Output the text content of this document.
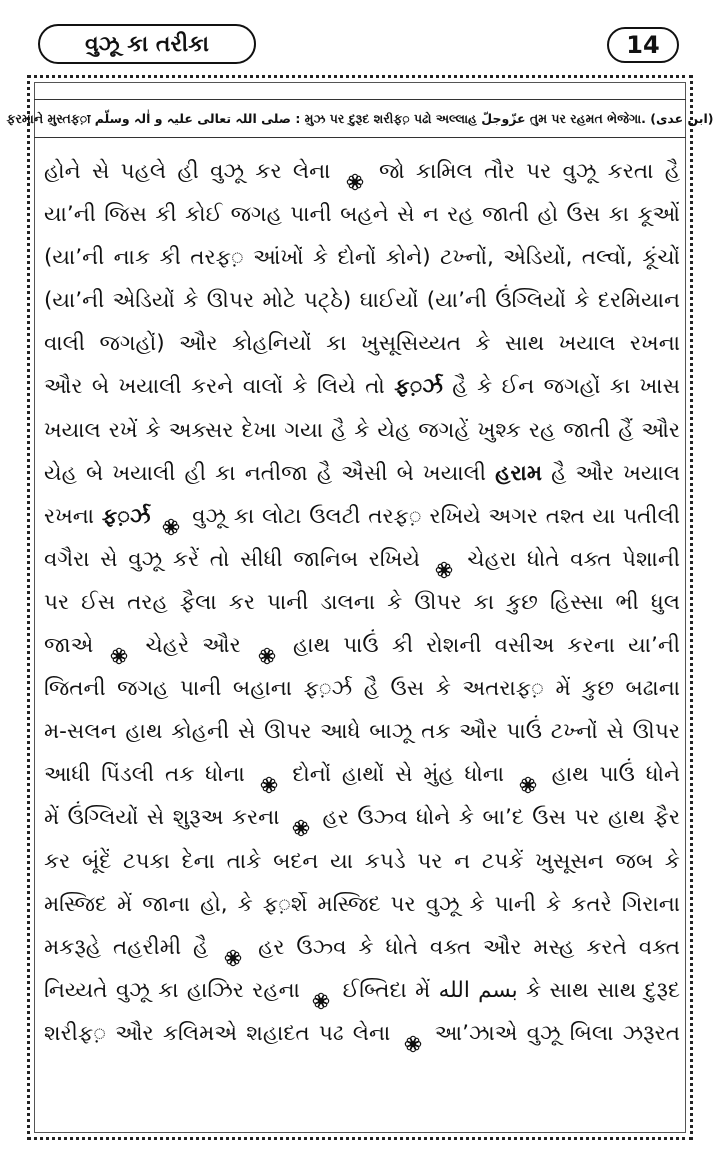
વુઝૂ કા તરીકા	14
ફરમાને મુસ્તફ़ा صلی اللہ تعالی علیہ و اٰلہ وسلّم : મુઝ પર દુરૂદ શરીફ़ પઢો અલ્લાહ عزّوجلّ તુમ પર રહમત ભેજેગા. (ابن عدی)
હોને સે પહલે હી વુઝૂ કર લેના જો કામિલ તૌર પર વુઝૂ કરતા હૈ
યા’ની જિસ કી કોઈ જગહ પાની બહને સે ન રહ જાતી હો ઉસ કા કૂઓં
(યા’ની નાક કી તરફ़ આંખોં કે દોનોં કોને) ટખ્નોં, એડિયોં, તલ્વોં, કૂંચોં
(યા’ની એડિયોં કે ઊપર મોટે પટ્ઠે) ઘાઈયોં (યા’ની ઉંગ્લિયોં કે દરમિયાન
વાલી જગહોં) ઔર કોહનિયોં કા ખુસૂસિય્યત કે સાથ ખયાલ રખના
ઔર બે ખયાલી કરને વાલોં કે લિયે તો ફ़ર્ઝ હૈ કે ઈન જગહોં કા ખાસ
ખયાલ રખેં કે અક્સર દેખા ગયા હૈ કે યેહ જગહેં ખુશ્ક રહ જાતી હૈં ઔર
યેહ બે ખયાલી હી કા નતીજા હૈ ઐસી બે ખયાલી હરામ હૈ ઔર ખયાલ
રખના ફ़ર્ઝ વુઝૂ કા લોટા ઉલટી તરફ़ રખિયે અગર તશ્ત યા પતીલી
વગૈરા સે વુઝૂ કરેં તો સીધી જાનિબ રખિયે ચેહરા ધોતે વક્ત પેશાની
પર ઈસ તરહ ફૈલા કર પાની ડાલના કે ઊપર કા કુછ હિસ્સા ભી ધુલ
જાએ ચેહરે ઔર હાથ પાઉં કી રોશની વસીઅ કરના યા’ની
જિતની જગહ પાની બહાના ફ़ર્ઝ હૈ ઉસ કે અતરાફ़ મેં કુછ બઢાના
મ-સલન હાથ કોહની સે ઊપર આધે બાઝૂ તક ઔર પાઉં ટખ્નોં સે ઊપર
આધી પિંડલી તક ધોના દોનોં હાથોં સે મુંહ ધોના હાથ પાઉં ધોને
મેં ઉંગ્લિયોં સે શુરૂઅ કરના હર ઉઝ્વ ધોને કે બા’દ ઉસ પર હાથ ફૈર
કર બૂંદેં ટપકા દેના તાકે બદન યા કપડે પર ન ટપકેં ખુસૂસન જબ કે
મસ્જિદ મેં જાના હો, કે ફ़ર્શે મસ્જિદ પર વુઝૂ કે પાની કે કતરે ગિરાના
મકરૂહે તહરીમી હૈ હર ઉઝ્વ કે ધોતે વક્ત ઔર મસ્હ કરતે વક્ત
નિય્યતે વુઝૂ કા હાઝિર રહના ઈબ્તિદા મેં بسم الله કે સાથ સાથ દુરૂદ
શરીફ़ ઔર કલિમએ શહાદત પઢ લેના આ’ઝાએ વુઝૂ બિલા ઝરૂરત
